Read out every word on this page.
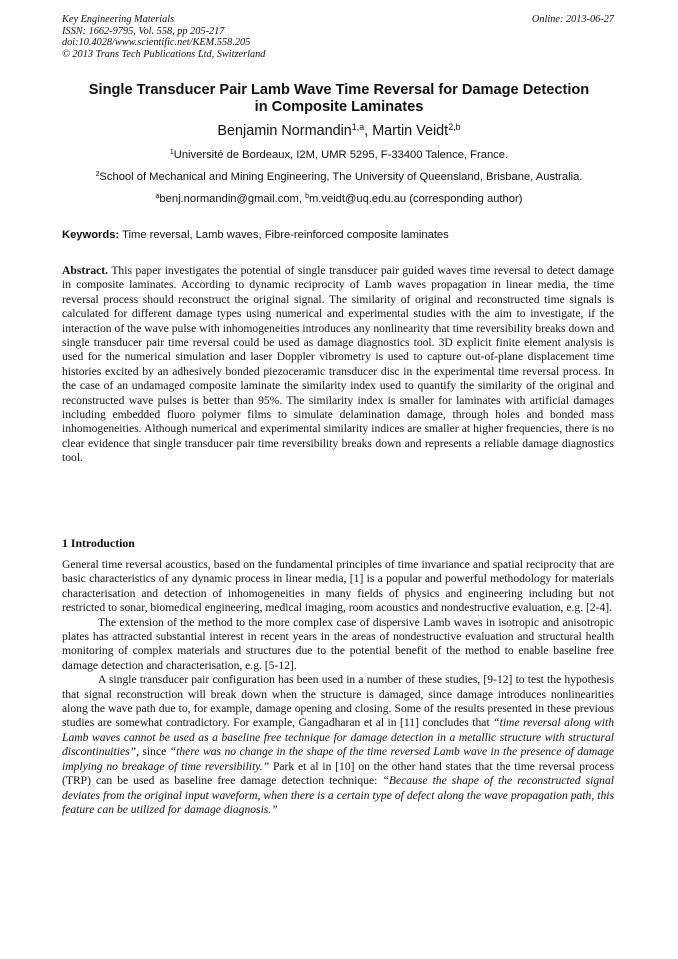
Key Engineering Materials
ISSN: 1662-9795, Vol. 558, pp 205-217
doi:10.4028/www.scientific.net/KEM.558.205
© 2013 Trans Tech Publications Ltd, Switzerland
Online: 2013-06-27
Single Transducer Pair Lamb Wave Time Reversal for Damage Detection
in Composite Laminates
Benjamin Normandin$^{1,a}$, Martin Veidt$^{2,b}$
$^1$Université de Bordeaux, I2M, UMR 5295, F-33400 Talence, France.
$^2$School of Mechanical and Mining Engineering, The University of Queensland, Brisbane, Australia.
$^a$benj.normandin@gmail.com, $^b$m.veidt@uq.edu.au (corresponding author)
Keywords: Time reversal, Lamb waves, Fibre-reinforced composite laminates

Abstract. This paper investigates the potential of single transducer pair guided waves time reversal to detect damage in composite laminates. According to dynamic reciprocity of Lamb waves propagation in linear media, the time reversal process should reconstruct the original signal. The similarity of original and reconstructed time signals is calculated for different damage types using numerical and experimental studies with the aim to investigate, if the interaction of the wave pulse with inhomogeneities introduces any nonlinearity that time reversibility breaks down and single transducer pair time reversal could be used as damage diagnostics tool. 3D explicit finite element analysis is used for the numerical simulation and laser Doppler vibrometry is used to capture out-of-plane displacement time histories excited by an adhesively bonded piezoceramic transducer disc in the experimental time reversal process. In the case of an undamaged composite laminate the similarity index used to quantify the similarity of the original and reconstructed wave pulses is better than 95%. The similarity index is smaller for laminates with artificial damages including embedded fluoro polymer films to simulate delamination damage, through holes and bonded mass inhomogeneities. Although numerical and experimental similarity indices are smaller at higher frequencies, there is no clear evidence that single transducer pair time reversibility breaks down and represents a reliable damage diagnostics tool.

1 Introduction

General time reversal acoustics, based on the fundamental principles of time invariance and spatial reciprocity that are basic characteristics of any dynamic process in linear media, [1] is a popular and powerful methodology for materials characterisation and detection of inhomogeneities in many fields of physics and engineering including but not restricted to sonar, biomedical engineering, medical imaging, room acoustics and nondestructive evaluation, e.g. [2-4].

The extension of the method to the more complex case of dispersive Lamb waves in isotropic and anisotropic plates has attracted substantial interest in recent years in the areas of nondestructive evaluation and structural health monitoring of complex materials and structures due to the potential benefit of the method to enable baseline free damage detection and characterisation, e.g. [5-12].

A single transducer pair configuration has been used in a number of these studies, [9-12] to test the hypothesis that signal reconstruction will break down when the structure is damaged, since damage introduces nonlinearities along the wave path due to, for example, damage opening and closing. Some of the results presented in these previous studies are somewhat contradictory. For example, Gangadharan et al in [11] concludes that “time reversal along with Lamb waves cannot be used as a baseline free technique for damage detection in a metallic structure with structural discontinuities”, since “there was no change in the shape of the time reversed Lamb wave in the presence of damage implying no breakage of time reversibility.” Park et al in [10] on the other hand states that the time reversal process (TRP) can be used as baseline free damage detection technique: “Because the shape of the reconstructed signal deviates from the original input waveform, when there is a certain type of defect along the wave propagation path, this feature can be utilized for damage diagnosis.”
